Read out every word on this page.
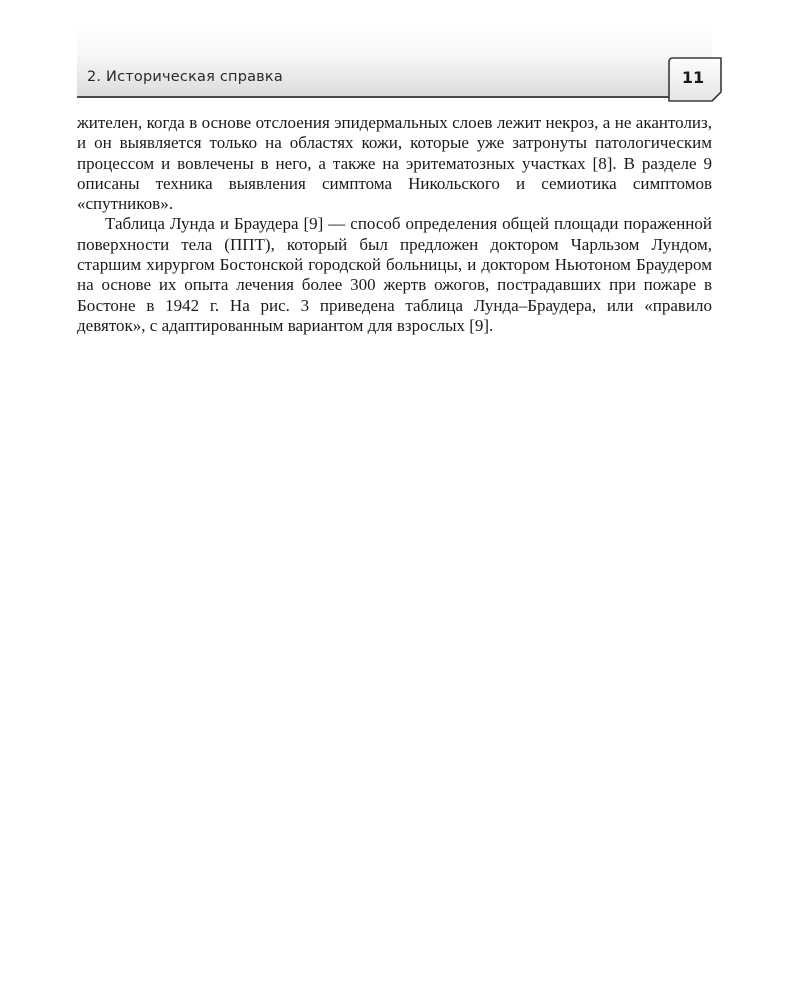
2. Историческая справка	11

жителен, когда в основе отслоения эпидермальных слоев лежит некроз, а не акантолиз, и он выявляется только на областях кожи, которые уже затронуты патологическим процессом и вовлечены в него, а также на эритематозных участках [8]. В разделе 9 описаны техника выявления симптома Никольского и семиотика симптомов «спутников».

Таблица Лунда и Браудера [9] — способ определения общей площади пораженной поверхности тела (ППТ), который был предложен доктором Чарльзом Лундом, старшим хирургом Бостонской городской больницы, и доктором Ньютоном Браудером на основе их опыта лечения более 300 жертв ожогов, пострадавших при пожаре в Бостоне в 1942 г. На рис. 3 приведена таблица Лунда–Браудера, или «правило девяток», с адаптированным вариантом для взрослых [9].
